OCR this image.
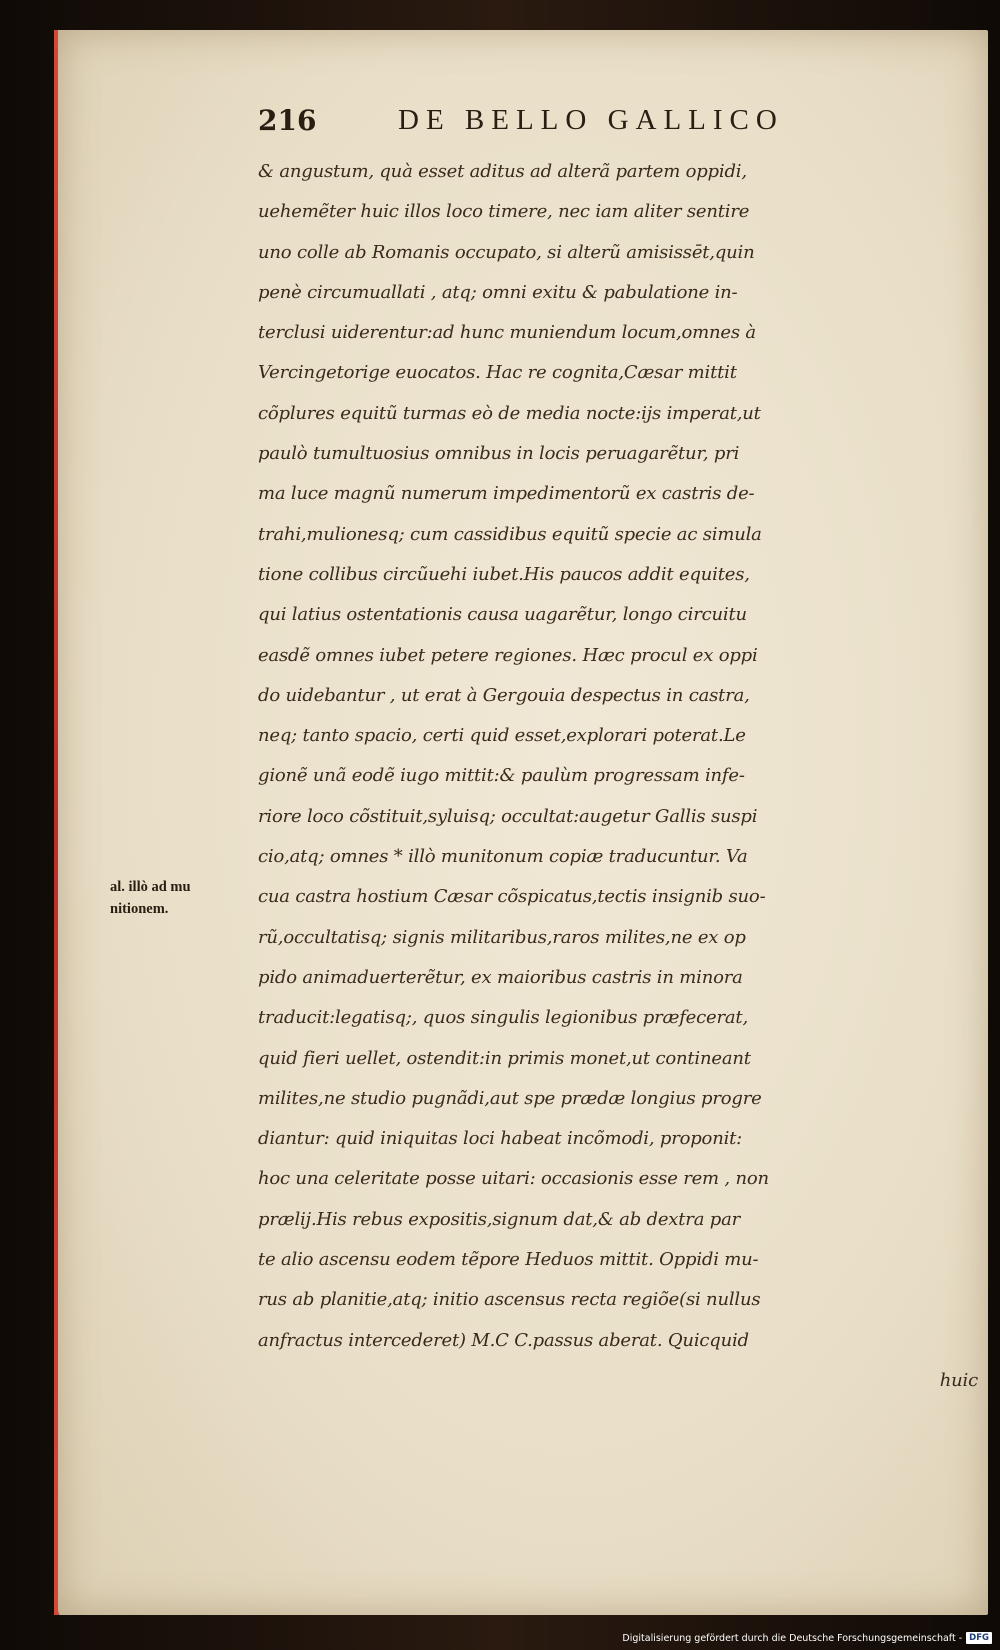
216	DE BELLO GALLICO
& angustum, quà esset aditus ad alterã partem oppidi,
uehemẽter huic illos loco timere, nec iam aliter sentire
uno colle ab Romanis occupato, si alterũ amisissēt,quin
penè circumuallati , atq; omni exitu & pabulatione in-
terclusi uiderentur:ad hunc muniendum locum,omnes à
Vercingetorige euocatos. Hac re cognita,Cæsar mittit
cõplures equitũ turmas eò de media nocte:ijs imperat,ut
paulò tumultuosius omnibus in locis peruagarẽtur, pri
ma luce magnũ numerum impedimentorũ ex castris de-
trahi,mulionesq; cum cassidibus equitũ specie ac simula
tione collibus circũuehi iubet.His paucos addit equites,
qui latius ostentationis causa uagarẽtur, longo circuitu
easdẽ omnes iubet petere regiones. Hæc procul ex oppi
do uidebantur , ut erat à Gergouia despectus in castra,
neq; tanto spacio, certi quid esset,explorari poterat.Le
gionẽ unã eodẽ iugo mittit:& paulùm progressam infe-
riore loco cõstituit,syluisq; occultat:augetur Gallis suspi
cio,atq; omnes * illò munitonum copiæ traducuntur. Va
cua castra hostium Cæsar cõspicatus,tectis insignib suo-
rũ,occultatisq; signis militaribus,raros milites,ne ex op
pido animaduerterẽtur, ex maioribus castris in minora
traducit:legatisq;, quos singulis legionibus præfecerat,
quid fieri uellet, ostendit:in primis monet,ut contineant
milites,ne studio pugnãdi,aut spe prædæ longius progre
diantur: quid iniquitas loci habeat incõmodi, proponit:
hoc una celeritate posse uitari: occasionis esse rem , non
prælij.His rebus expositis,signum dat,& ab dextra par
te alio ascensu eodem tẽpore Heduos mittit. Oppidi mu-
rus ab planitie,atq; initio ascensus recta regiõe(si nullus
anfractus intercederet) M.C C.passus aberat. Quicquid
huic
al. illò ad mu
nitionem.
Digitalisierung gefördert durch die Deutsche Forschungsgemeinschaft - DFG
